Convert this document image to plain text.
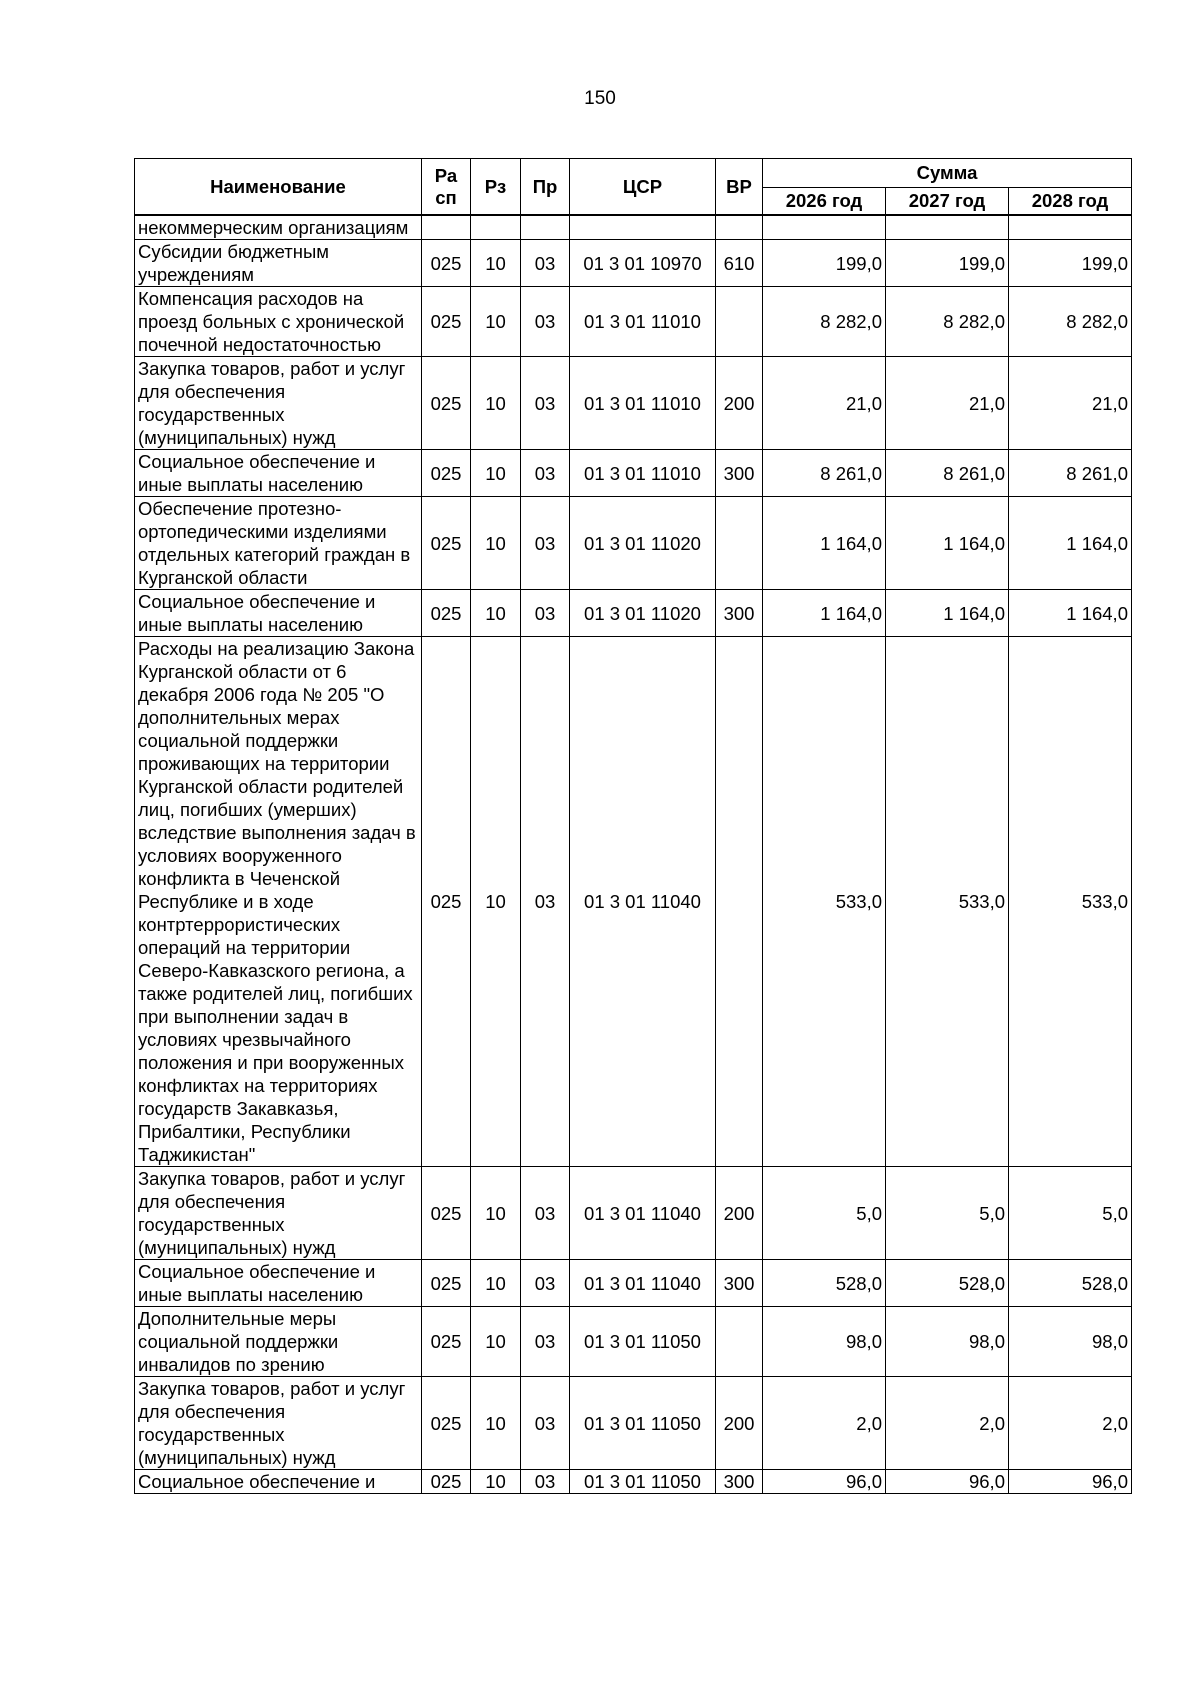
150
Наименование	Ра сп	Рз	Пр	ЦСР	ВР	Сумма		
						2026 год	2027 год	2028 год
некоммерческим организациям								
Субсидии бюджетным учреждениям	025	10	03	01 3 01 10970	610	199,0	199,0	199,0
Компенсация расходов на проезд больных с хронической почечной недостаточностью	025	10	03	01 3 01 11010		8 282,0	8 282,0	8 282,0
Закупка товаров, работ и услуг для обеспечения государственных (муниципальных) нужд	025	10	03	01 3 01 11010	200	21,0	21,0	21,0
Социальное обеспечение и иные выплаты населению	025	10	03	01 3 01 11010	300	8 261,0	8 261,0	8 261,0
Обеспечение протезно-ортопедическими изделиями отдельных категорий граждан в Курганской области	025	10	03	01 3 01 11020		1 164,0	1 164,0	1 164,0
Социальное обеспечение и иные выплаты населению	025	10	03	01 3 01 11020	300	1 164,0	1 164,0	1 164,0
Расходы на реализацию Закона Курганской области от 6 декабря 2006 года № 205 "О дополнительных мерах социальной поддержки проживающих на территории Курганской области родителей лиц, погибших (умерших) вследствие выполнения задач в условиях вооруженного конфликта в Чеченской Республике и в ходе контртеррористических операций на территории Северо-Кавказского региона, а также родителей лиц, погибших при выполнении задач в условиях чрезвычайного положения и при вооруженных конфликтах на территориях государств Закавказья, Прибалтики, Республики Таджикистан"	025	10	03	01 3 01 11040		533,0	533,0	533,0
Закупка товаров, работ и услуг для обеспечения государственных (муниципальных) нужд	025	10	03	01 3 01 11040	200	5,0	5,0	5,0
Социальное обеспечение и иные выплаты населению	025	10	03	01 3 01 11040	300	528,0	528,0	528,0
Дополнительные меры социальной поддержки инвалидов по зрению	025	10	03	01 3 01 11050		98,0	98,0	98,0
Закупка товаров, работ и услуг для обеспечения государственных (муниципальных) нужд	025	10	03	01 3 01 11050	200	2,0	2,0	2,0
Социальное обеспечение и	025	10	03	01 3 01 11050	300	96,0	96,0	96,0
